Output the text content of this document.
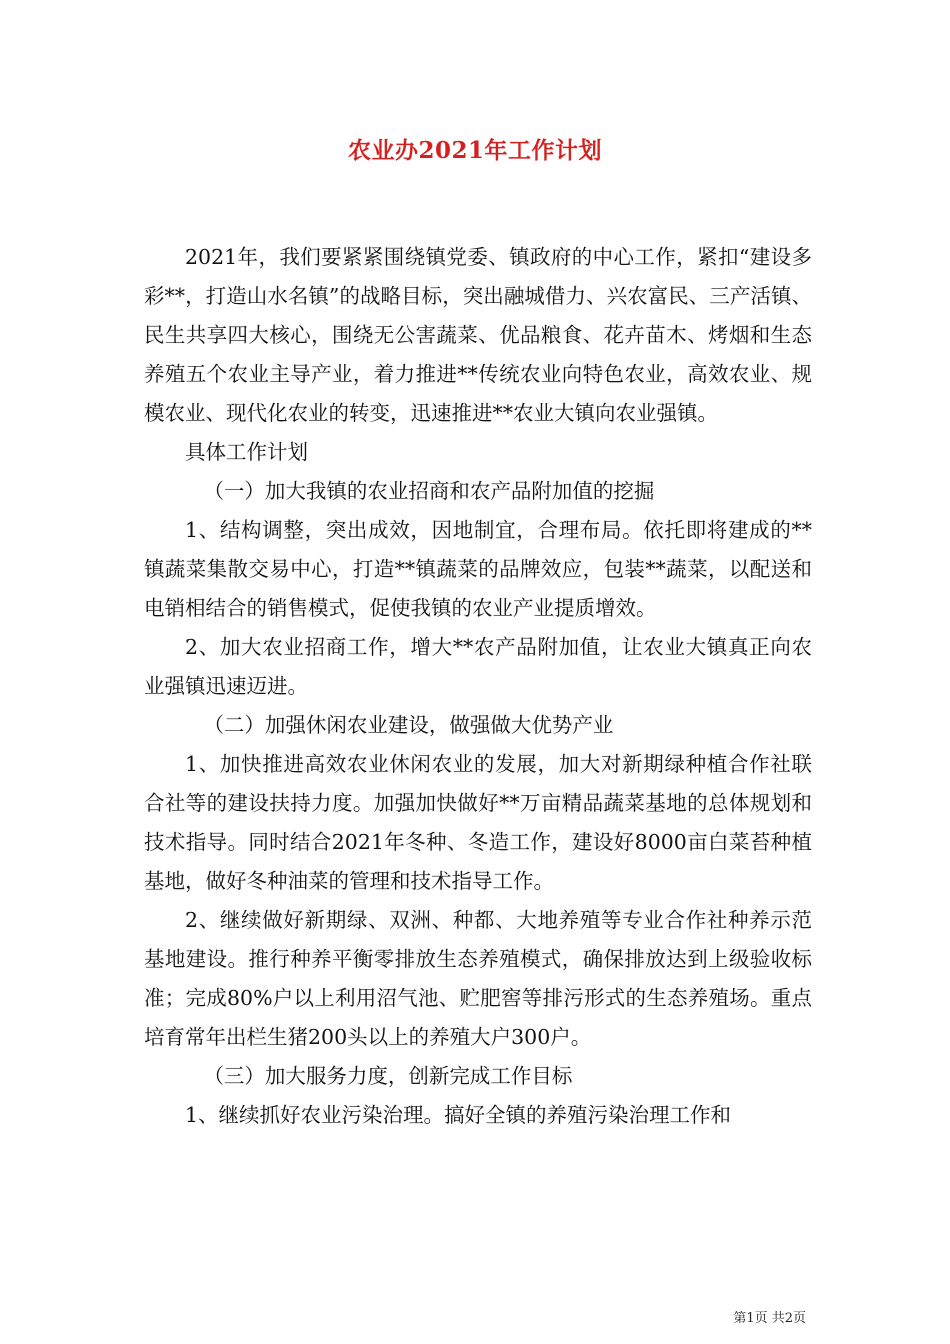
农业办2021年工作计划

2021年，我们要紧紧围绕镇党委、镇政府的中心工作，紧扣“建设多彩**，打造山水名镇”的战略目标，突出融城借力、兴农富民、三产活镇、民生共享四大核心，围绕无公害蔬菜、优品粮食、花卉苗木、烤烟和生态养殖五个农业主导产业，着力推进**传统农业向特色农业，高效农业、规模农业、现代化农业的转变，迅速推进**农业大镇向农业强镇。

具体工作计划

（一）加大我镇的农业招商和农产品附加值的挖掘

1、结构调整，突出成效，因地制宜，合理布局。依托即将建成的**镇蔬菜集散交易中心，打造**镇蔬菜的品牌效应，包装**蔬菜，以配送和电销相结合的销售模式，促使我镇的农业产业提质增效。

2、加大农业招商工作，增大**农产品附加值，让农业大镇真正向农业强镇迅速迈进。

（二）加强休闲农业建设，做强做大优势产业

1、加快推进高效农业休闲农业的发展，加大对新期绿种植合作社联合社等的建设扶持力度。加强加快做好**万亩精品蔬菜基地的总体规划和技术指导。同时结合2021年冬种、冬造工作，建设好8000亩白菜苔种植基地，做好冬种油菜的管理和技术指导工作。

2、继续做好新期绿、双洲、种都、大地养殖等专业合作社种养示范基地建设。推行种养平衡零排放生态养殖模式，确保排放达到上级验收标准；完成80%户以上利用沼气池、贮肥窖等排污形式的生态养殖场。重点培育常年出栏生猪200头以上的养殖大户300户。

（三）加大服务力度，创新完成工作目标

1、继续抓好农业污染治理。搞好全镇的养殖污染治理工作和

第1页 共2页
